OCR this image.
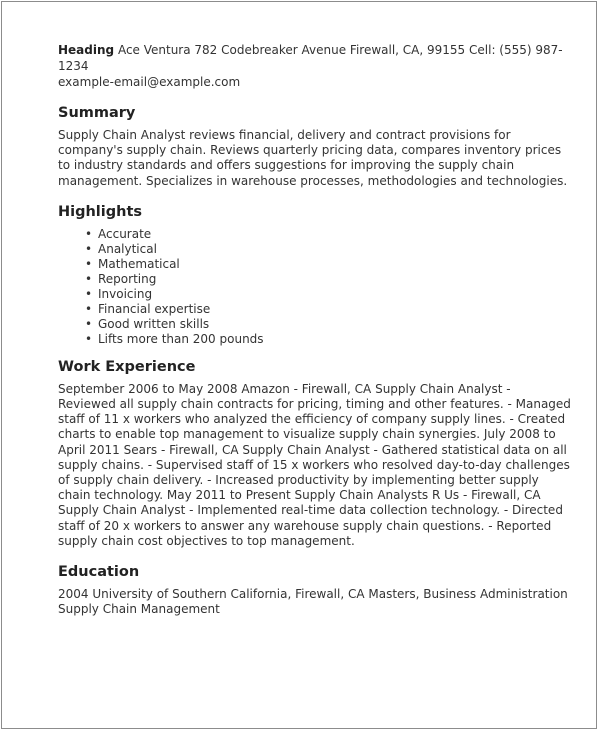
Heading Ace Ventura 782 Codebreaker Avenue Firewall, CA, 99155 Cell: (555) 987-1234
example-email@example.com
Summary
Supply Chain Analyst reviews financial, delivery and contract provisions for company's supply chain. Reviews quarterly pricing data, compares inventory prices to industry standards and offers suggestions for improving the supply chain management. Specializes in warehouse processes, methodologies and technologies.
Highlights
• Accurate
• Analytical
• Mathematical
• Reporting
• Invoicing
• Financial expertise
• Good written skills
• Lifts more than 200 pounds
Work Experience
September 2006 to May 2008 Amazon - Firewall, CA Supply Chain Analyst - Reviewed all supply chain contracts for pricing, timing and other features. - Managed staff of 11 x workers who analyzed the efficiency of company supply lines. - Created charts to enable top management to visualize supply chain synergies. July 2008 to April 2011 Sears - Firewall, CA Supply Chain Analyst - Gathered statistical data on all supply chains. - Supervised staff of 15 x workers who resolved day-to-day challenges of supply chain delivery. - Increased productivity by implementing better supply chain technology. May 2011 to Present Supply Chain Analysts R Us - Firewall, CA Supply Chain Analyst - Implemented real-time data collection technology. - Directed staff of 20 x workers to answer any warehouse supply chain questions. - Reported supply chain cost objectives to top management.
Education
2004 University of Southern California, Firewall, CA Masters, Business Administration Supply Chain Management
